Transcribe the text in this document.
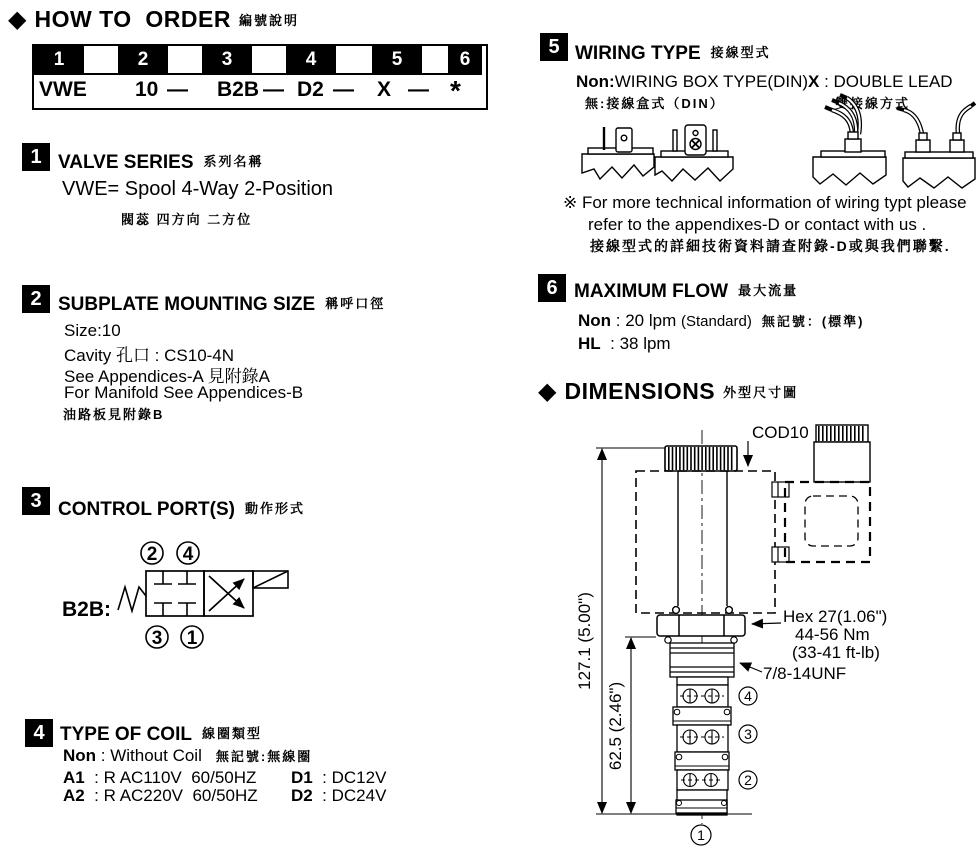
◆ HOW TO  ORDER 編號說明
1	2	3	4	5	6
VWE 10 — B2B — D2 — X — *
1 VALVE SERIES 系列名稱
VWE= Spool 4-Way 2-Position
閥蕊 四方向 二方位
2 SUBPLATE MOUNTING SIZE 稱呼口徑
Size:10
Cavity 孔口 : CS10-4N
See Appendices-A 見附錄A
For Manifold See Appendices-B
油路板見附錄B
3 CONTROL PORT(S) 動作形式
B2B:
2 4
3 1
4 TYPE OF COIL 線圈類型
Non : Without Coil 無記號:無線圈
A1  : R AC110V  60/50HZ D1  : DC12V
A2  : R AC220V  60/50HZ D2  : DC24V
5 WIRING TYPE 接線型式
Non:WIRING BOX TYPE(DIN)
無:接線盒式（DIN）
X : DOUBLE LEAD
雙接線方式
※ For more technical information of wiring typt please
refer to the appendixes-D or contact with us .
接線型式的詳細技術資料請查附錄-D或與我們聯繫.
6 MAXIMUM FLOW 最大流量
Non : 20 lpm (Standard) 無記號：(標準)
HL  : 38 lpm
◆ DIMENSIONS 外型尺寸圖
COD10
127.1 (5.00")
62.5 (2.46")
Hex 27(1.06")
44-56 Nm
(33-41 ft-lb)
7/8-14UNF
4
3
2
1
